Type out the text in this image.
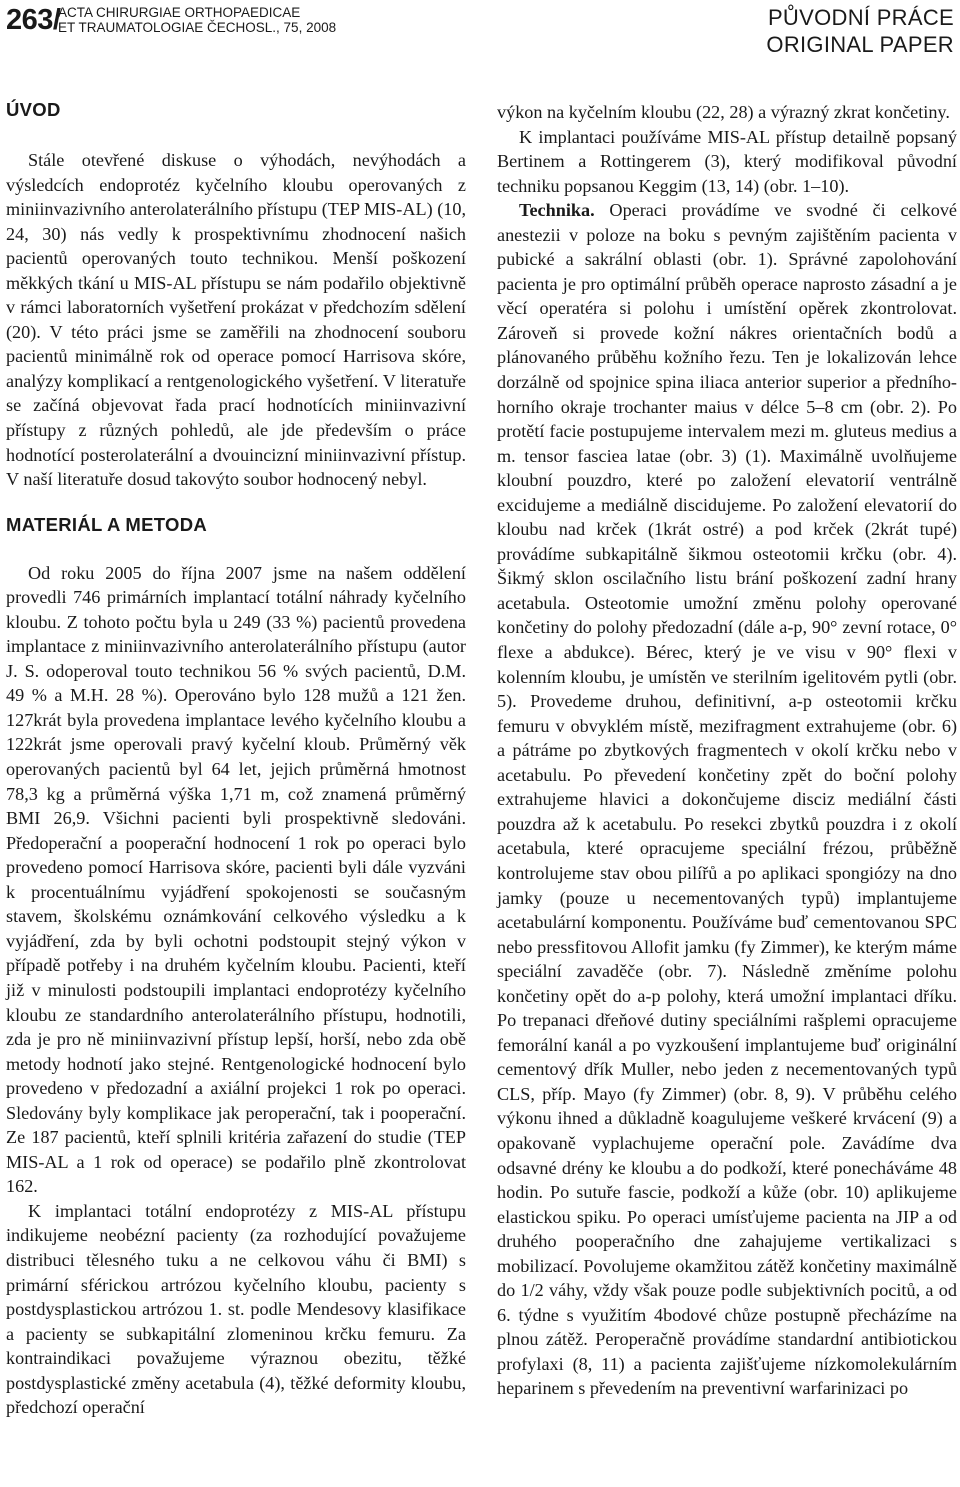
263/
ACTA CHIRURGIAE ORTHOPAEDICAE
ET TRAUMATOLOGIAE ČECHOSL., 75, 2008	PŮVODNÍ PRÁCE
ORIGINAL PAPER
ÚVOD

Stále otevřené diskuse o výhodách, nevýhodách a výsledcích endoprotéz kyčelního kloubu operovaných z miniinvazivního anterolaterálního přístupu (TEP MIS-AL) (10, 24, 30) nás vedly k prospektivnímu zhodnocení našich pacientů operovaných touto technikou. Menší poškození měkkých tkání u MIS-AL přístupu se nám podařilo objektivně v rámci laboratorních vyšetření prokázat v předchozím sdělení (20). V této práci jsme se zaměřili na zhodnocení souboru pacientů minimálně rok od operace pomocí Harrisova skóre, analýzy komplikací a rentgenologického vyšetření. V literatuře se začíná objevovat řada prací hodnotících miniinvazivní přístupy z různých pohledů, ale jde především o práce hodnotící posterolaterální a dvouincizní miniinvazivní přístup. V naší literatuře dosud takovýto soubor hodnocený nebyl.

MATERIÁL A METODA

Od roku 2005 do října 2007 jsme na našem oddělení provedli 746 primárních implantací totální náhrady kyčelního kloubu. Z tohoto počtu byla u 249 (33 %) pacientů provedena implantace z miniinvazivního anterolaterálního přístupu (autor J. S. odoperoval touto technikou 56 % svých pacientů, D.M. 49 % a M.H. 28 %). Operováno bylo 128 mužů a 121 žen. 127krát byla provedena implantace levého kyčelního kloubu a 122krát jsme operovali pravý kyčelní kloub. Průměrný věk operovaných pacientů byl 64 let, jejich průměrná hmotnost 78,3 kg a průměrná výška 1,71 m, což znamená průměrný BMI 26,9. Všichni pacienti byli prospektivně sledováni. Předoperační a pooperační hodnocení 1 rok po operaci bylo provedeno pomocí Harrisova skóre, pacienti byli dále vyzváni k procentuálnímu vyjádření spokojenosti se současným stavem, školskému oznámkování celkového výsledku a k vyjádření, zda by byli ochotni podstoupit stejný výkon v případě potřeby i na druhém kyčelním kloubu. Pacienti, kteří již v minulosti podstoupili implantaci endoprotézy kyčelního kloubu ze standardního anterolaterálního přístupu, hodnotili, zda je pro ně miniinvazivní přístup lepší, horší, nebo zda obě metody hodnotí jako stejné. Rentgenologické hodnocení bylo provedeno v předozadní a axiální projekci 1 rok po operaci. Sledovány byly komplikace jak peroperační, tak i pooperační. Ze 187 pacientů, kteří splnili kritéria zařazení do studie (TEP MIS-AL a 1 rok od operace) se podařilo plně zkontrolovat 162.

K implantaci totální endoprotézy z MIS-AL přístupu indikujeme neobézní pacienty (za rozhodující považujeme distribuci tělesného tuku a ne celkovou váhu či BMI) s primární sférickou artrózou kyčelního kloubu, pacienty s postdysplastickou artrózou 1. st. podle Mendesovy klasifikace a pacienty se subkapitální zlomeninou krčku femuru. Za kontraindikaci považujeme výraznou obezitu, těžké postdysplastické změny acetabula (4), těžké deformity kloubu, předchozí operační

výkon na kyčelním kloubu (22, 28) a výrazný zkrat končetiny.

K implantaci používáme MIS-AL přístup detailně popsaný Bertinem a Rottingerem (3), který modifikoval původní techniku popsanou Keggim (13, 14) (obr. 1–10).

Technika. Operaci provádíme ve svodné či celkové anestezii v poloze na boku s pevným zajištěním pacienta v pubické a sakrální oblasti (obr. 1). Správné zapolohování pacienta je pro optimální průběh operace naprosto zásadní a je věcí operatéra si polohu i umístění opěrek zkontrolovat. Zároveň si provede kožní nákres orientačních bodů a plánovaného průběhu kožního řezu. Ten je lokalizován lehce dorzálně od spojnice spina iliaca anterior superior a předního-horního okraje trochanter maius v délce 5–8 cm (obr. 2). Po protětí facie postupujeme intervalem mezi m. gluteus medius a m. tensor fasciea latae (obr. 3) (1). Maximálně uvolňujeme kloubní pouzdro, které po založení elevatorií ventrálně excidujeme a mediálně discidujeme. Po založení elevatorií do kloubu nad krček (1krát ostré) a pod krček (2krát tupé) provádíme subkapitálně šikmou osteotomii krčku (obr. 4). Šikmý sklon oscilačního listu brání poškození zadní hrany acetabula. Osteotomie umožní změnu polohy operované končetiny do polohy předozadní (dále a-p, 90° zevní rotace, 0° flexe a abdukce). Bérec, který je ve visu v 90° flexi v kolenním kloubu, je umístěn ve sterilním igelitovém pytli (obr. 5). Provedeme druhou, definitivní, a-p osteotomii krčku femuru v obvyklém místě, mezifragment extrahujeme (obr. 6) a pátráme po zbytkových fragmentech v okolí krčku nebo v acetabulu. Po převedení končetiny zpět do boční polohy extrahujeme hlavici a dokončujeme disciz mediální části pouzdra až k acetabulu. Po resekci zbytků pouzdra i z okolí acetabula, které opracujeme speciální frézou, průběžně kontrolujeme stav obou pilířů a po aplikaci spongiózy na dno jamky (pouze u necementovaných typů) implantujeme acetabulární komponentu. Používáme buď cementovanou SPC nebo pressfitovou Allofit jamku (fy Zimmer), ke kterým máme speciální zavaděče (obr. 7). Následně změníme polohu končetiny opět do a-p polohy, která umožní implantaci dříku. Po trepanaci dřeňové dutiny speciálními rašplemi opracujeme femorální kanál a po vyzkoušení implantujeme buď originální cementový dřík Muller, nebo jeden z necementovaných typů CLS, příp. Mayo (fy Zimmer) (obr. 8, 9). V průběhu celého výkonu ihned a důkladně koagulujeme veškeré krvácení (9) a opakovaně vyplachujeme operační pole. Zavádíme dva odsavné drény ke kloubu a do podkoží, které ponecháváme 48 hodin. Po sutuře fascie, podkoží a kůže (obr. 10) aplikujeme elastickou spiku. Po operaci umísťujeme pacienta na JIP a od druhého pooperačního dne zahajujeme vertikalizaci s mobilizací. Povolujeme okamžitou zátěž končetiny maximálně do 1/2 váhy, vždy však pouze podle subjektivních pocitů, a od 6. týdne s využitím 4bodové chůze postupně přecházíme na plnou zátěž. Peroperačně provádíme standardní antibiotickou profylaxi (8, 11) a pacienta zajišťujeme nízkomolekulárním heparinem s převedením na preventivní warfarinizaci po
